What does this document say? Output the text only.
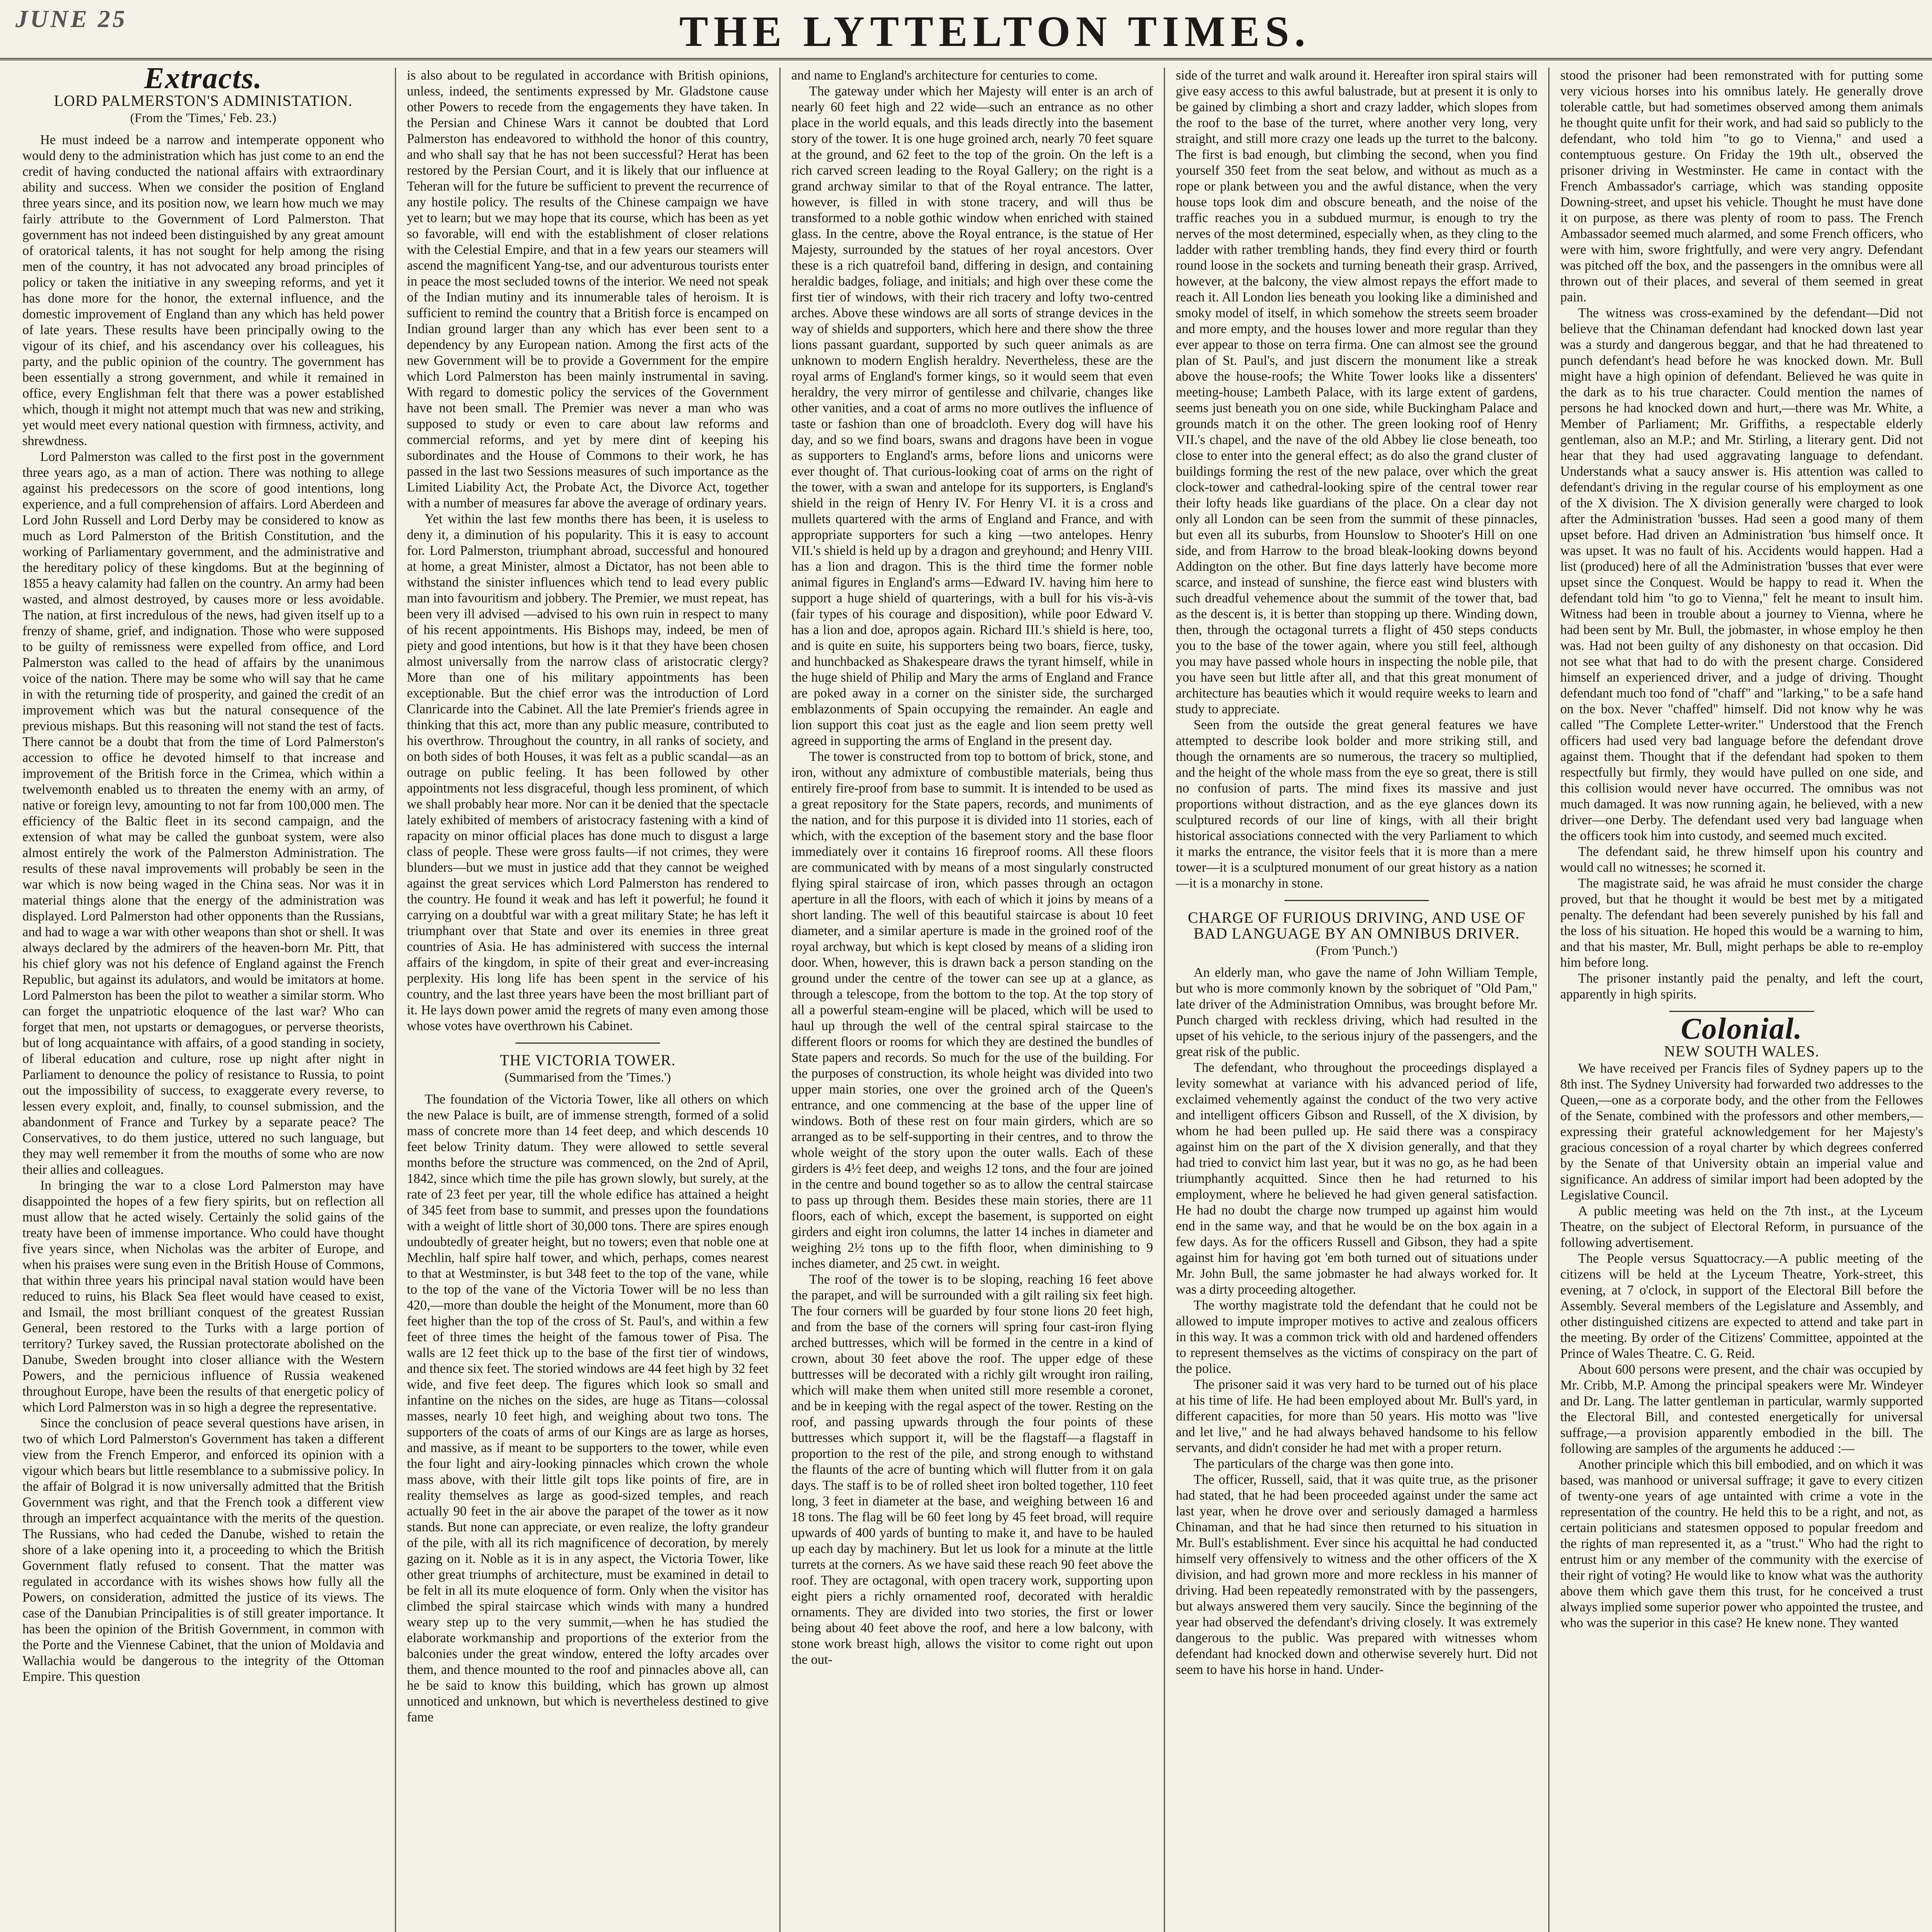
JUNE 25	THE LYTTELTON TIMES.
Extracts.
LORD PALMERSTON'S ADMINISTATION.
(From the 'Times,' Feb. 23.)

He must indeed be a narrow and intemperate opponent who would deny to the administration which has just come to an end the credit of having conducted the national affairs with extraordinary ability and success. When we consider the position of England three years since, and its position now, we learn how much we may fairly attribute to the Government of Lord Palmerston. That government has not indeed been distinguished by any great amount of oratorical talents, it has not sought for help among the rising men of the country, it has not advocated any broad principles of policy or taken the initiative in any sweeping reforms, and yet it has done more for the honor, the external influence, and the domestic improvement of England than any which has held power of late years. These results have been principally owing to the vigour of its chief, and his ascendancy over his colleagues, his party, and the public opinion of the country. The government has been essentially a strong government, and while it remained in office, every Englishman felt that there was a power established which, though it might not attempt much that was new and striking, yet would meet every national question with firmness, activity, and shrewdness.

Lord Palmerston was called to the first post in the government three years ago, as a man of action. There was nothing to allege against his predecessors on the score of good intentions, long experience, and a full comprehension of affairs. Lord Aberdeen and Lord John Russell and Lord Derby may be considered to know as much as Lord Palmerston of the British Constitution, and the working of Parliamentary government, and the administrative and the hereditary policy of these kingdoms. But at the beginning of 1855 a heavy calamity had fallen on the country. An army had been wasted, and almost destroyed, by causes more or less avoidable. The nation, at first incredulous of the news, had given itself up to a frenzy of shame, grief, and indignation. Those who were supposed to be guilty of remissness were expelled from office, and Lord Palmerston was called to the head of affairs by the unanimous voice of the nation. There may be some who will say that he came in with the returning tide of prosperity, and gained the credit of an improvement which was but the natural consequence of the previous mishaps. But this reasoning will not stand the test of facts. There cannot be a doubt that from the time of Lord Palmerston's accession to office he devoted himself to that increase and improvement of the British force in the Crimea, which within a twelvemonth enabled us to threaten the enemy with an army, of native or foreign levy, amounting to not far from 100,000 men. The efficiency of the Baltic fleet in its second campaign, and the extension of what may be called the gunboat system, were also almost entirely the work of the Palmerston Administration. The results of these naval improvements will probably be seen in the war which is now being waged in the China seas. Nor was it in material things alone that the energy of the administration was displayed. Lord Palmerston had other opponents than the Russians, and had to wage a war with other weapons than shot or shell. It was always declared by the admirers of the heaven-born Mr. Pitt, that his chief glory was not his defence of England against the French Republic, but against its adulators, and would be imitators at home. Lord Palmerston has been the pilot to weather a similar storm. Who can forget the unpatriotic eloquence of the last war? Who can forget that men, not upstarts or demagogues, or perverse theorists, but of long acquaintance with affairs, of a good standing in society, of liberal education and culture, rose up night after night in Parliament to denounce the policy of resistance to Russia, to point out the impossibility of success, to exaggerate every reverse, to lessen every exploit, and, finally, to counsel submission, and the abandonment of France and Turkey by a separate peace? The Conservatives, to do them justice, uttered no such language, but they may well remember it from the mouths of some who are now their allies and colleagues.

In bringing the war to a close Lord Palmerston may have disappointed the hopes of a few fiery spirits, but on reflection all must allow that he acted wisely. Certainly the solid gains of the treaty have been of immense importance. Who could have thought five years since, when Nicholas was the arbiter of Europe, and when his praises were sung even in the British House of Commons, that within three years his principal naval station would have been reduced to ruins, his Black Sea fleet would have ceased to exist, and Ismail, the most brilliant conquest of the greatest Russian General, been restored to the Turks with a large portion of territory? Turkey saved, the Russian protectorate abolished on the Danube, Sweden brought into closer alliance with the Western Powers, and the pernicious influence of Russia weakened throughout Europe, have been the results of that energetic policy of which Lord Palmerston was in so high a degree the representative.

Since the conclusion of peace several questions have arisen, in two of which Lord Palmerston's Government has taken a different view from the French Emperor, and enforced its opinion with a vigour which bears but little resemblance to a submissive policy. In the affair of Bolgrad it is now universally admitted that the British Government was right, and that the French took a different view through an imperfect acquaintance with the merits of the question. The Russians, who had ceded the Danube, wished to retain the shore of a lake opening into it, a proceeding to which the British Government flatly refused to consent. That the matter was regulated in accordance with its wishes shows how fully all the Powers, on consideration, admitted the justice of its views. The case of the Danubian Principalities is of still greater importance. It has been the opinion of the British Government, in common with the Porte and the Viennese Cabinet, that the union of Moldavia and Wallachia would be dangerous to the integrity of the Ottoman Empire. This question

is also about to be regulated in accordance with British opinions, unless, indeed, the sentiments expressed by Mr. Gladstone cause other Powers to recede from the engagements they have taken. In the Persian and Chinese Wars it cannot be doubted that Lord Palmerston has endeavored to withhold the honor of this country, and who shall say that he has not been successful? Herat has been restored by the Persian Court, and it is likely that our influence at Teheran will for the future be sufficient to prevent the recurrence of any hostile policy. The results of the Chinese campaign we have yet to learn; but we may hope that its course, which has been as yet so favorable, will end with the establishment of closer relations with the Celestial Empire, and that in a few years our steamers will ascend the magnificent Yang-tse, and our adventurous tourists enter in peace the most secluded towns of the interior. We need not speak of the Indian mutiny and its innumerable tales of heroism. It is sufficient to remind the country that a British force is encamped on Indian ground larger than any which has ever been sent to a dependency by any European nation. Among the first acts of the new Government will be to provide a Government for the empire which Lord Palmerston has been mainly instrumental in saving. With regard to domestic policy the services of the Government have not been small. The Premier was never a man who was supposed to study or even to care about law reforms and commercial reforms, and yet by mere dint of keeping his subordinates and the House of Commons to their work, he has passed in the last two Sessions measures of such importance as the Limited Liability Act, the Probate Act, the Divorce Act, together with a number of measures far above the average of ordinary years.

Yet within the last few months there has been, it is useless to deny it, a diminution of his popularity. This it is easy to account for. Lord Palmerston, triumphant abroad, successful and honoured at home, a great Minister, almost a Dictator, has not been able to withstand the sinister influences which tend to lead every public man into favouritism and jobbery. The Premier, we must repeat, has been very ill advised —advised to his own ruin in respect to many of his recent appointments. His Bishops may, indeed, be men of piety and good intentions, but how is it that they have been chosen almost universally from the narrow class of aristocratic clergy? More than one of his military appointments has been exceptionable. But the chief error was the introduction of Lord Clanricarde into the Cabinet. All the late Premier's friends agree in thinking that this act, more than any public measure, contributed to his overthrow. Throughout the country, in all ranks of society, and on both sides of both Houses, it was felt as a public scandal—as an outrage on public feeling. It has been followed by other appointments not less disgraceful, though less prominent, of which we shall probably hear more. Nor can it be denied that the spectacle lately exhibited of members of aristocracy fastening with a kind of rapacity on minor official places has done much to disgust a large class of people. These were gross faults—if not crimes, they were blunders—but we must in justice add that they cannot be weighed against the great services which Lord Palmerston has rendered to the country. He found it weak and has left it powerful; he found it carrying on a doubtful war with a great military State; he has left it triumphant over that State and over its enemies in three great countries of Asia. He has administered with success the internal affairs of the kingdom, in spite of their great and ever-increasing perplexity. His long life has been spent in the service of his country, and the last three years have been the most brilliant part of it. He lays down power amid the regrets of many even among those whose votes have overthrown his Cabinet.

THE VICTORIA TOWER.
(Summarised from the 'Times.')

The foundation of the Victoria Tower, like all others on which the new Palace is built, are of immense strength, formed of a solid mass of concrete more than 14 feet deep, and which descends 10 feet below Trinity datum. They were allowed to settle several months before the structure was commenced, on the 2nd of April, 1842, since which time the pile has grown slowly, but surely, at the rate of 23 feet per year, till the whole edifice has attained a height of 345 feet from base to summit, and presses upon the foundations with a weight of little short of 30,000 tons. There are spires enough undoubtedly of greater height, but no towers; even that noble one at Mechlin, half spire half tower, and which, perhaps, comes nearest to that at Westminster, is but 348 feet to the top of the vane, while to the top of the vane of the Victoria Tower will be no less than 420,—more than double the height of the Monument, more than 60 feet higher than the top of the cross of St. Paul's, and within a few feet of three times the height of the famous tower of Pisa. The walls are 12 feet thick up to the base of the first tier of windows, and thence six feet. The storied windows are 44 feet high by 32 feet wide, and five feet deep. The figures which look so small and infantine on the niches on the sides, are huge as Titans—colossal masses, nearly 10 feet high, and weighing about two tons. The supporters of the coats of arms of our Kings are as large as horses, and massive, as if meant to be supporters to the tower, while even the four light and airy-looking pinnacles which crown the whole mass above, with their little gilt tops like points of fire, are in reality themselves as large as good-sized temples, and reach actually 90 feet in the air above the parapet of the tower as it now stands. But none can appreciate, or even realize, the lofty grandeur of the pile, with all its rich magnificence of decoration, by merely gazing on it. Noble as it is in any aspect, the Victoria Tower, like other great triumphs of architecture, must be examined in detail to be felt in all its mute eloquence of form. Only when the visitor has climbed the spiral staircase which winds with many a hundred weary step up to the very summit,—when he has studied the elaborate workmanship and proportions of the exterior from the balconies under the great window, entered the lofty arcades over them, and thence mounted to the roof and pinnacles above all, can he be said to know this building, which has grown up almost unnoticed and unknown, but which is nevertheless destined to give fame

and name to England's architecture for centuries to come.

The gateway under which her Majesty will enter is an arch of nearly 60 feet high and 22 wide—such an entrance as no other place in the world equals, and this leads directly into the basement story of the tower. It is one huge groined arch, nearly 70 feet square at the ground, and 62 feet to the top of the groin. On the left is a rich carved screen leading to the Royal Gallery; on the right is a grand archway similar to that of the Royal entrance. The latter, however, is filled in with stone tracery, and will thus be transformed to a noble gothic window when enriched with stained glass. In the centre, above the Royal entrance, is the statue of Her Majesty, surrounded by the statues of her royal ancestors. Over these is a rich quatrefoil band, differing in design, and containing heraldic badges, foliage, and initials; and high over these come the first tier of windows, with their rich tracery and lofty two-centred arches. Above these windows are all sorts of strange devices in the way of shields and supporters, which here and there show the three lions passant guardant, supported by such queer animals as are unknown to modern English heraldry. Nevertheless, these are the royal arms of England's former kings, so it would seem that even heraldry, the very mirror of gentilesse and chilvarie, changes like other vanities, and a coat of arms no more outlives the influence of taste or fashion than one of broadcloth. Every dog will have his day, and so we find boars, swans and dragons have been in vogue as supporters to England's arms, before lions and unicorns were ever thought of. That curious-looking coat of arms on the right of the tower, with a swan and antelope for its supporters, is England's shield in the reign of Henry IV. For Henry VI. it is a cross and mullets quartered with the arms of England and France, and with appropriate supporters for such a king —two antelopes. Henry VII.'s shield is held up by a dragon and greyhound; and Henry VIII. has a lion and dragon. This is the third time the former noble animal figures in England's arms—Edward IV. having him here to support a huge shield of quarterings, with a bull for his vis-à-vis (fair types of his courage and disposition), while poor Edward V. has a lion and doe, apropos again. Richard III.'s shield is here, too, and is quite en suite, his supporters being two boars, fierce, tusky, and hunchbacked as Shakespeare draws the tyrant himself, while in the huge shield of Philip and Mary the arms of England and France are poked away in a corner on the sinister side, the surcharged emblazonments of Spain occupying the remainder. An eagle and lion support this coat just as the eagle and lion seem pretty well agreed in supporting the arms of England in the present day.

The tower is constructed from top to bottom of brick, stone, and iron, without any admixture of combustible materials, being thus entirely fire-proof from base to summit. It is intended to be used as a great repository for the State papers, records, and muniments of the nation, and for this purpose it is divided into 11 stories, each of which, with the exception of the basement story and the base floor immediately over it contains 16 fireproof rooms. All these floors are communicated with by means of a most singularly constructed flying spiral staircase of iron, which passes through an octagon aperture in all the floors, with each of which it joins by means of a short landing. The well of this beautiful staircase is about 10 feet diameter, and a similar aperture is made in the groined roof of the royal archway, but which is kept closed by means of a sliding iron door. When, however, this is drawn back a person standing on the ground under the centre of the tower can see up at a glance, as through a telescope, from the bottom to the top. At the top story of all a powerful steam-engine will be placed, which will be used to haul up through the well of the central spiral staircase to the different floors or rooms for which they are destined the bundles of State papers and records. So much for the use of the building. For the purposes of construction, its whole height was divided into two upper main stories, one over the groined arch of the Queen's entrance, and one commencing at the base of the upper line of windows. Both of these rest on four main girders, which are so arranged as to be self-supporting in their centres, and to throw the whole weight of the story upon the outer walls. Each of these girders is 4½ feet deep, and weighs 12 tons, and the four are joined in the centre and bound together so as to allow the central staircase to pass up through them. Besides these main stories, there are 11 floors, each of which, except the basement, is supported on eight girders and eight iron columns, the latter 14 inches in diameter and weighing 2½ tons up to the fifth floor, when diminishing to 9 inches diameter, and 25 cwt. in weight.

The roof of the tower is to be sloping, reaching 16 feet above the parapet, and will be surrounded with a gilt railing six feet high. The four corners will be guarded by four stone lions 20 feet high, and from the base of the corners will spring four cast-iron flying arched buttresses, which will be formed in the centre in a kind of crown, about 30 feet above the roof. The upper edge of these buttresses will be decorated with a richly gilt wrought iron railing, which will make them when united still more resemble a coronet, and be in keeping with the regal aspect of the tower. Resting on the roof, and passing upwards through the four points of these buttresses which support it, will be the flagstaff—a flagstaff in proportion to the rest of the pile, and strong enough to withstand the flaunts of the acre of bunting which will flutter from it on gala days. The staff is to be of rolled sheet iron bolted together, 110 feet long, 3 feet in diameter at the base, and weighing between 16 and 18 tons. The flag will be 60 feet long by 45 feet broad, will require upwards of 400 yards of bunting to make it, and have to be hauled up each day by machinery. But let us look for a minute at the little turrets at the corners. As we have said these reach 90 feet above the roof. They are octagonal, with open tracery work, supporting upon eight piers a richly ornamented roof, decorated with heraldic ornaments. They are divided into two stories, the first or lower being about 40 feet above the roof, and here a low balcony, with stone work breast high, allows the visitor to come right out upon the out-

side of the turret and walk around it. Hereafter iron spiral stairs will give easy access to this awful balustrade, but at present it is only to be gained by climbing a short and crazy ladder, which slopes from the roof to the base of the turret, where another very long, very straight, and still more crazy one leads up the turret to the balcony. The first is bad enough, but climbing the second, when you find yourself 350 feet from the seat below, and without as much as a rope or plank between you and the awful distance, when the very house tops look dim and obscure beneath, and the noise of the traffic reaches you in a subdued murmur, is enough to try the nerves of the most determined, especially when, as they cling to the ladder with rather trembling hands, they find every third or fourth round loose in the sockets and turning beneath their grasp. Arrived, however, at the balcony, the view almost repays the effort made to reach it. All London lies beneath you looking like a diminished and smoky model of itself, in which somehow the streets seem broader and more empty, and the houses lower and more regular than they ever appear to those on terra firma. One can almost see the ground plan of St. Paul's, and just discern the monument like a streak above the house-roofs; the White Tower looks like a dissenters' meeting-house; Lambeth Palace, with its large extent of gardens, seems just beneath you on one side, while Buckingham Palace and grounds match it on the other. The green looking roof of Henry VII.'s chapel, and the nave of the old Abbey lie close beneath, too close to enter into the general effect; as do also the grand cluster of buildings forming the rest of the new palace, over which the great clock-tower and cathedral-looking spire of the central tower rear their lofty heads like guardians of the place. On a clear day not only all London can be seen from the summit of these pinnacles, but even all its suburbs, from Hounslow to Shooter's Hill on one side, and from Harrow to the broad bleak-looking downs beyond Addington on the other. But fine days latterly have become more scarce, and instead of sunshine, the fierce east wind blusters with such dreadful vehemence about the summit of the tower that, bad as the descent is, it is better than stopping up there. Winding down, then, through the octagonal turrets a flight of 450 steps conducts you to the base of the tower again, where you still feel, although you may have passed whole hours in inspecting the noble pile, that you have seen but little after all, and that this great monument of architecture has beauties which it would require weeks to learn and study to appreciate.

Seen from the outside the great general features we have attempted to describe look bolder and more striking still, and though the ornaments are so numerous, the tracery so multiplied, and the height of the whole mass from the eye so great, there is still no confusion of parts. The mind fixes its massive and just proportions without distraction, and as the eye glances down its sculptured records of our line of kings, with all their bright historical associations connected with the very Parliament to which it marks the entrance, the visitor feels that it is more than a mere tower—it is a sculptured monument of our great history as a nation—it is a monarchy in stone.

CHARGE OF FURIOUS DRIVING, AND USE OF BAD LANGUAGE BY AN OMNIBUS DRIVER.
(From 'Punch.')

An elderly man, who gave the name of John William Temple, but who is more commonly known by the sobriquet of "Old Pam," late driver of the Administration Omnibus, was brought before Mr. Punch charged with reckless driving, which had resulted in the upset of his vehicle, to the serious injury of the passengers, and the great risk of the public.

The defendant, who throughout the proceedings displayed a levity somewhat at variance with his advanced period of life, exclaimed vehemently against the conduct of the two very active and intelligent officers Gibson and Russell, of the X division, by whom he had been pulled up. He said there was a conspiracy against him on the part of the X division generally, and that they had tried to convict him last year, but it was no go, as he had been triumphantly acquitted. Since then he had returned to his employment, where he believed he had given general satisfaction. He had no doubt the charge now trumped up against him would end in the same way, and that he would be on the box again in a few days. As for the officers Russell and Gibson, they had a spite against him for having got 'em both turned out of situations under Mr. John Bull, the same jobmaster he had always worked for. It was a dirty proceeding altogether.

The worthy magistrate told the defendant that he could not be allowed to impute improper motives to active and zealous officers in this way. It was a common trick with old and hardened offenders to represent themselves as the victims of conspiracy on the part of the police.

The prisoner said it was very hard to be turned out of his place at his time of life. He had been employed about Mr. Bull's yard, in different capacities, for more than 50 years. His motto was "live and let live," and he had always behaved handsome to his fellow servants, and didn't consider he had met with a proper return.

The particulars of the charge was then gone into.

The officer, Russell, said, that it was quite true, as the prisoner had stated, that he had been proceeded against under the same act last year, when he drove over and seriously damaged a harmless Chinaman, and that he had since then returned to his situation in Mr. Bull's establishment. Ever since his acquittal he had conducted himself very offensively to witness and the other officers of the X division, and had grown more and more reckless in his manner of driving. Had been repeatedly remonstrated with by the passengers, but always answered them very saucily. Since the beginning of the year had observed the defendant's driving closely. It was extremely dangerous to the public. Was prepared with witnesses whom defendant had knocked down and otherwise severely hurt. Did not seem to have his horse in hand. Under-

stood the prisoner had been remonstrated with for putting some very vicious horses into his omnibus lately. He generally drove tolerable cattle, but had sometimes observed among them animals he thought quite unfit for their work, and had said so publicly to the defendant, who told him "to go to Vienna," and used a contemptuous gesture. On Friday the 19th ult., observed the prisoner driving in Westminster. He came in contact with the French Ambassador's carriage, which was standing opposite Downing-street, and upset his vehicle. Thought he must have done it on purpose, as there was plenty of room to pass. The French Ambassador seemed much alarmed, and some French officers, who were with him, swore frightfully, and were very angry. Defendant was pitched off the box, and the passengers in the omnibus were all thrown out of their places, and several of them seemed in great pain.

The witness was cross-examined by the defendant—Did not believe that the Chinaman defendant had knocked down last year was a sturdy and dangerous beggar, and that he had threatened to punch defendant's head before he was knocked down. Mr. Bull might have a high opinion of defendant. Believed he was quite in the dark as to his true character. Could mention the names of persons he had knocked down and hurt,—there was Mr. White, a Member of Parliament; Mr. Griffiths, a respectable elderly gentleman, also an M.P.; and Mr. Stirling, a literary gent. Did not hear that they had used aggravating language to defendant. Understands what a saucy answer is. His attention was called to defendant's driving in the regular course of his employment as one of the X division. The X division generally were charged to look after the Administration 'busses. Had seen a good many of them upset before. Had driven an Administration 'bus himself once. It was upset. It was no fault of his. Accidents would happen. Had a list (produced) here of all the Administration 'busses that ever were upset since the Conquest. Would be happy to read it. When the defendant told him "to go to Vienna," felt he meant to insult him. Witness had been in trouble about a journey to Vienna, where he had been sent by Mr. Bull, the jobmaster, in whose employ he then was. Had not been guilty of any dishonesty on that occasion. Did not see what that had to do with the present charge. Considered himself an experienced driver, and a judge of driving. Thought defendant much too fond of "chaff" and "larking," to be a safe hand on the box. Never "chaffed" himself. Did not know why he was called "The Complete Letter-writer." Understood that the French officers had used very bad language before the defendant drove against them. Thought that if the defendant had spoken to them respectfully but firmly, they would have pulled on one side, and this collision would never have occurred. The omnibus was not much damaged. It was now running again, he believed, with a new driver—one Derby. The defendant used very bad language when the officers took him into custody, and seemed much excited.

The defendant said, he threw himself upon his country and would call no witnesses; he scorned it.

The magistrate said, he was afraid he must consider the charge proved, but that he thought it would be best met by a mitigated penalty. The defendant had been severely punished by his fall and the loss of his situation. He hoped this would be a warning to him, and that his master, Mr. Bull, might perhaps be able to re-employ him before long.

The prisoner instantly paid the penalty, and left the court, apparently in high spirits.

Colonial.
NEW SOUTH WALES.

We have received per Francis files of Sydney papers up to the 8th inst. The Sydney University had forwarded two addresses to the Queen,—one as a corporate body, and the other from the Fellowes of the Senate, combined with the professors and other members,—expressing their grateful acknowledgement for her Majesty's gracious concession of a royal charter by which degrees conferred by the Senate of that University obtain an imperial value and significance. An address of similar import had been adopted by the Legislative Council.

A public meeting was held on the 7th inst., at the Lyceum Theatre, on the subject of Electoral Reform, in pursuance of the following advertisement.

The People versus Squattocracy.—A public meeting of the citizens will be held at the Lyceum Theatre, York-street, this evening, at 7 o'clock, in support of the Electoral Bill before the Assembly. Several members of the Legislature and Assembly, and other distinguished citizens are expected to attend and take part in the meeting. By order of the Citizens' Committee, appointed at the Prince of Wales Theatre. C. G. Reid.

About 600 persons were present, and the chair was occupied by Mr. Cribb, M.P. Among the principal speakers were Mr. Windeyer and Dr. Lang. The latter gentleman in particular, warmly supported the Electoral Bill, and contested energetically for universal suffrage,—a provision apparently embodied in the bill. The following are samples of the arguments he adduced :—

Another principle which this bill embodied, and on which it was based, was manhood or universal suffrage; it gave to every citizen of twenty-one years of age untainted with crime a vote in the representation of the country. He held this to be a right, and not, as certain politicians and statesmen opposed to popular freedom and the rights of man represented it, as a "trust." Who had the right to entrust him or any member of the community with the exercise of their right of voting? He would like to know what was the authority above them which gave them this trust, for he conceived a trust always implied some superior power who appointed the trustee, and who was the superior in this case? He knew none. They wanted
